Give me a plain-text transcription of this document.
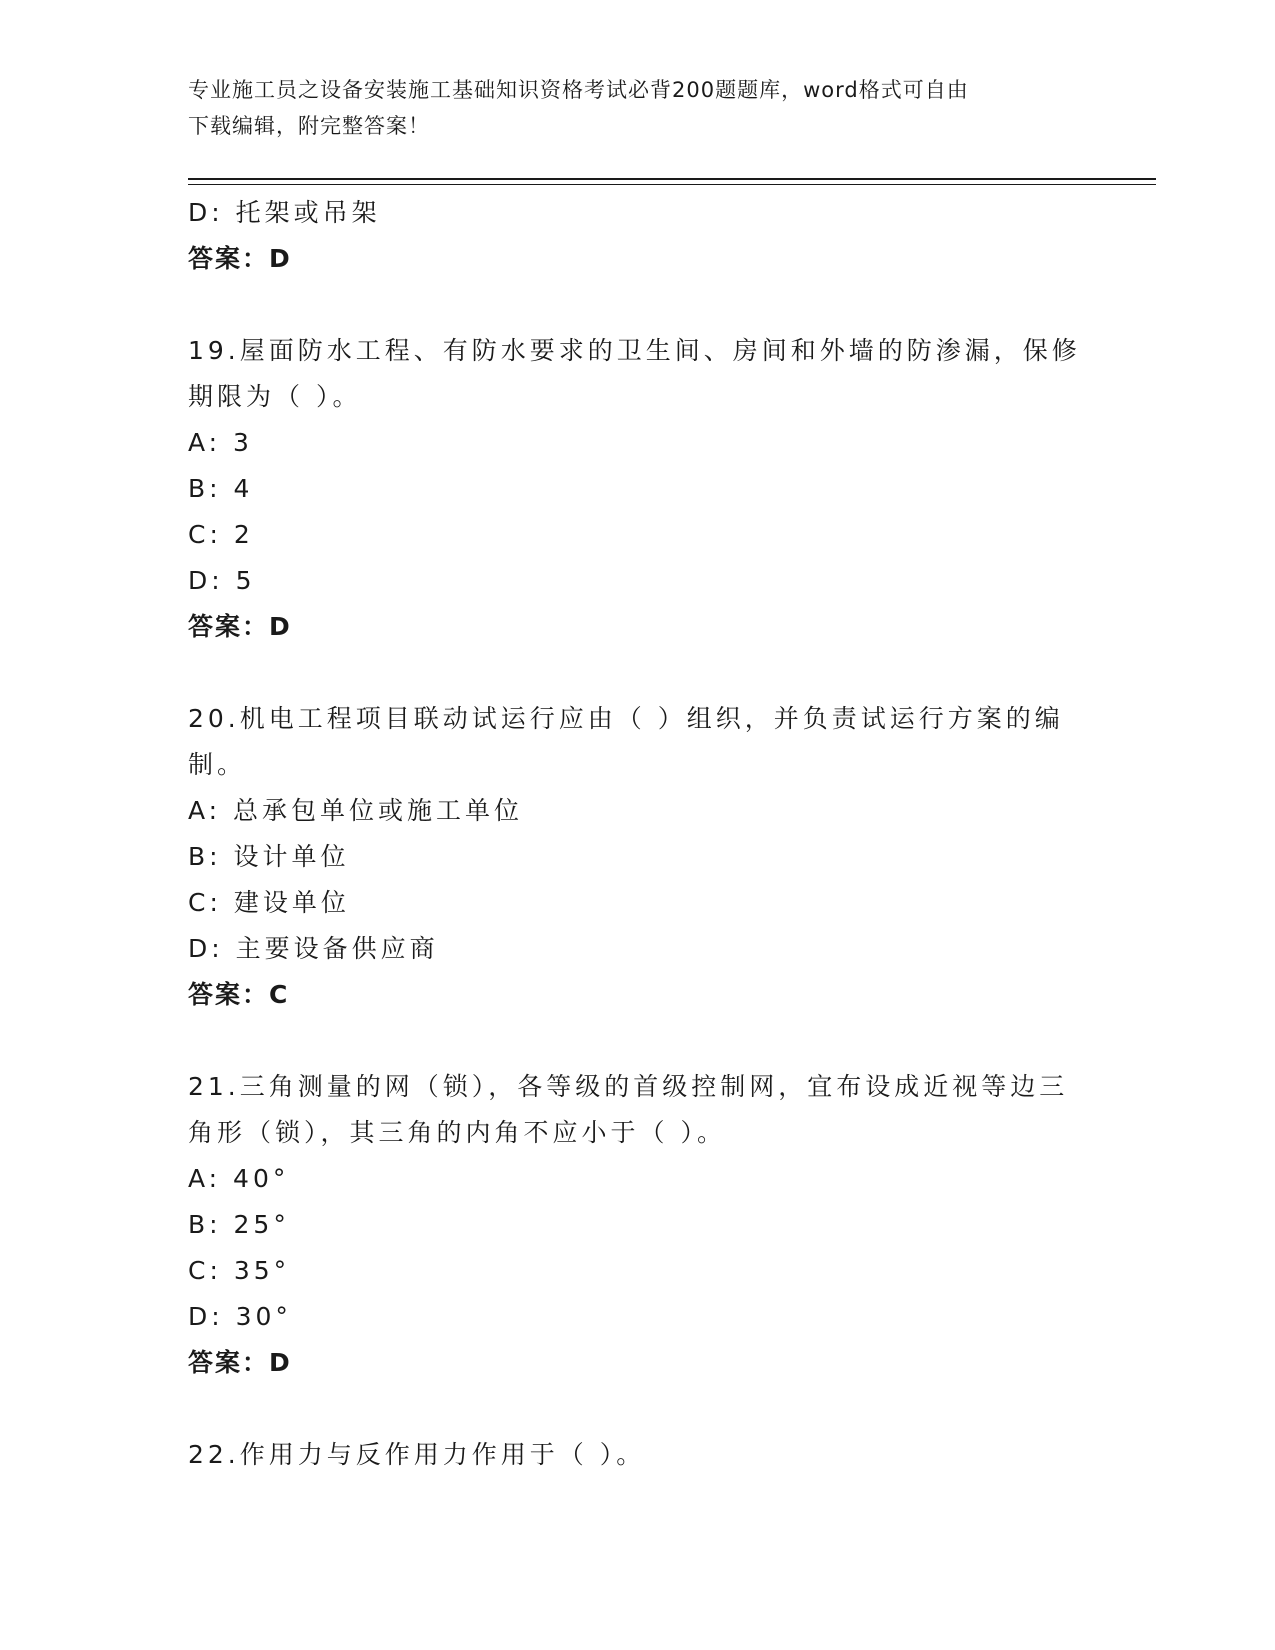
专业施工员之设备安装施工基础知识资格考试必背200题题库，word格式可自由
下载编辑，附完整答案！
D: 托架或吊架
答案：D
19.屋面防水工程、有防水要求的卫生间、房间和外墙的防渗漏，保修
期限为（ ）。
A: 3
B: 4
C: 2
D: 5
答案：D
20.机电工程项目联动试运行应由（ ）组织，并负责试运行方案的编
制。
A: 总承包单位或施工单位
B: 设计单位
C: 建设单位
D: 主要设备供应商
答案：C
21.三角测量的网（锁），各等级的首级控制网，宜布设成近视等边三
角形（锁），其三角的内角不应小于（ ）。
A: 40°
B: 25°
C: 35°
D: 30°
答案：D
22.作用力与反作用力作用于（ ）。
